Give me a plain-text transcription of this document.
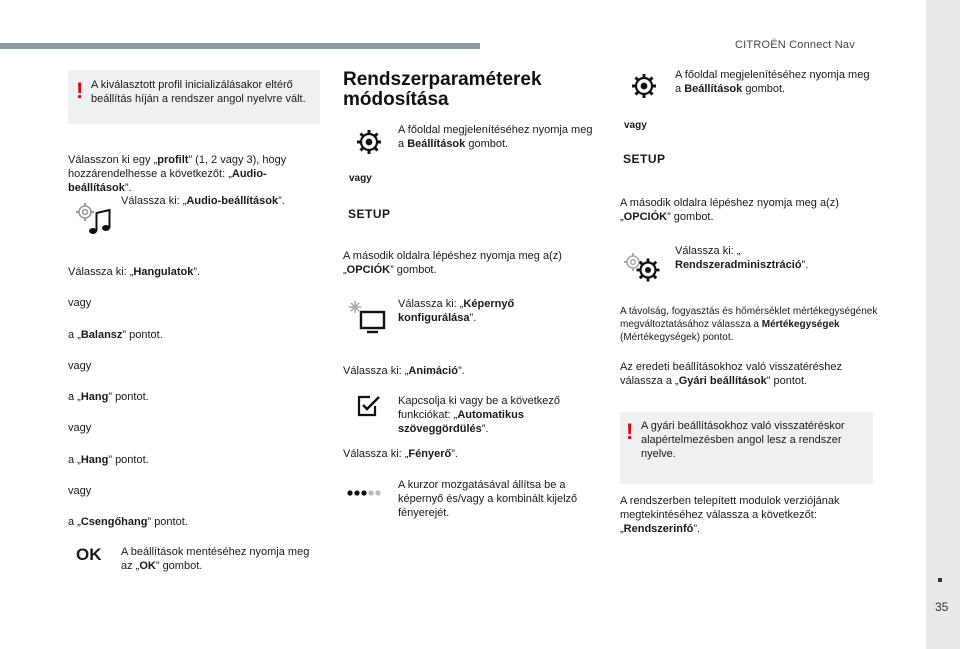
CITROËN Connect Nav
35
! A kiválasztott profil inicializálásakor eltérő beállítás híján a rendszer angol nyelvre vált.
Válasszon ki egy „profilt” (1, 2 vagy 3), hogy hozzárendelhesse a következőt: „Audio-beállítások”.
Válassza ki: „Audio-beállítások”.
Válassza ki: „Hangulatok”.
vagy
a „Balansz” pontot.
vagy
a „Hang” pontot.
vagy
a „Hang” pontot.
vagy
a „Csengőhang” pontot.
OK A beállítások mentéséhez nyomja meg az „OK” gombot.
Rendszerparaméterek módosítása
A főoldal megjelenítéséhez nyomja meg a Beállítások gombot.
vagy
SETUP
A második oldalra lépéshez nyomja meg a(z) „OPCIÓK” gombot.
Válassza ki: „Képernyő konfigurálása”.
Válassza ki: „Animáció”.
Kapcsolja ki vagy be a következő funkciókat: „Automatikus szöveggördülés”.
Válassza ki: „Fényerő”.
A kurzor mozgatásával állítsa be a képernyő és/vagy a kombinált kijelző fényerejét.
A főoldal megjelenítéséhez nyomja meg a Beállítások gombot.
vagy
SETUP
A második oldalra lépéshez nyomja meg a(z) „OPCIÓK” gombot.
Válassza ki: „
Rendszeradminisztráció”.
A távolság, fogyasztás és hőmérséklet mértékegységének megváltoztatásához válassza a Mértékegységek (Mértékegységek) pontot.
Az eredeti beállításokhoz való visszatéréshez válassza a „Gyári beállítások” pontot.
! A gyári beállításokhoz való visszatéréskor alapértelmezésben angol lesz a rendszer nyelve.
A rendszerben telepített modulok verziójának megtekintéséhez válassza a következőt: „Rendszerinfó”.
